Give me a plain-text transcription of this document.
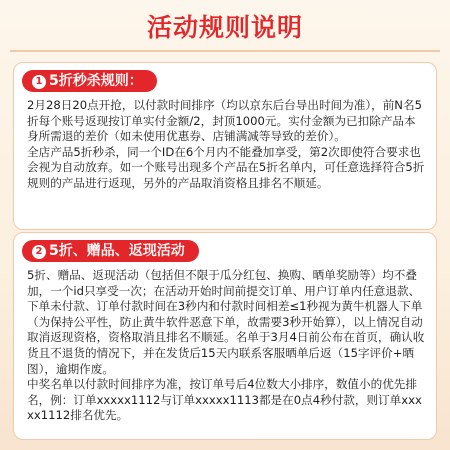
活动规则说明
1 5折秒杀规则：

2月28日20点开抢，以付款时间排序（均以京东后台导出时间为准），前N名5折每个账号返现按订单实付金额/2，封顶1000元。实付金额为已扣除产品本身所需退的差价（如未使用优惠券、店铺满减等导致的差价）。

全店产品5折秒杀，同一个ID在6个月内不能叠加享受，第2次即使符合要求也会视为自动放弃。如一个账号出现多个产品在5折名单内，可任意选择符合5折规则的产品进行返现，另外的产品取消资格且排名不顺延。

2 5折、赠品、返现活动

5折、赠品、返现活动（包括但不限于瓜分红包、换购、晒单奖励等）均不叠加，一个id只享受一次；在活动开始时间前提交订单、用户订单内任意退款、下单未付款、订单付款时间在3秒内和付款时间相差≤1秒视为黄牛机器人下单（为保持公平性，防止黄牛软件恶意下单，故需要3秒开始算），以上情况自动取消返现资格，资格取消且排名不顺延。名单于3月4日前公布在首页，确认收货且不退货的情况下，并在发货后15天内联系客服晒单后返（15字评价+晒图），逾期作废。

中奖名单以付款时间排序为准，按订单号后4位数大小排序，数值小的优先排名，例：订单xxxxx1112与订单xxxxx1113都是在0点4秒付款，则订单xxxxx1112排名优先。
